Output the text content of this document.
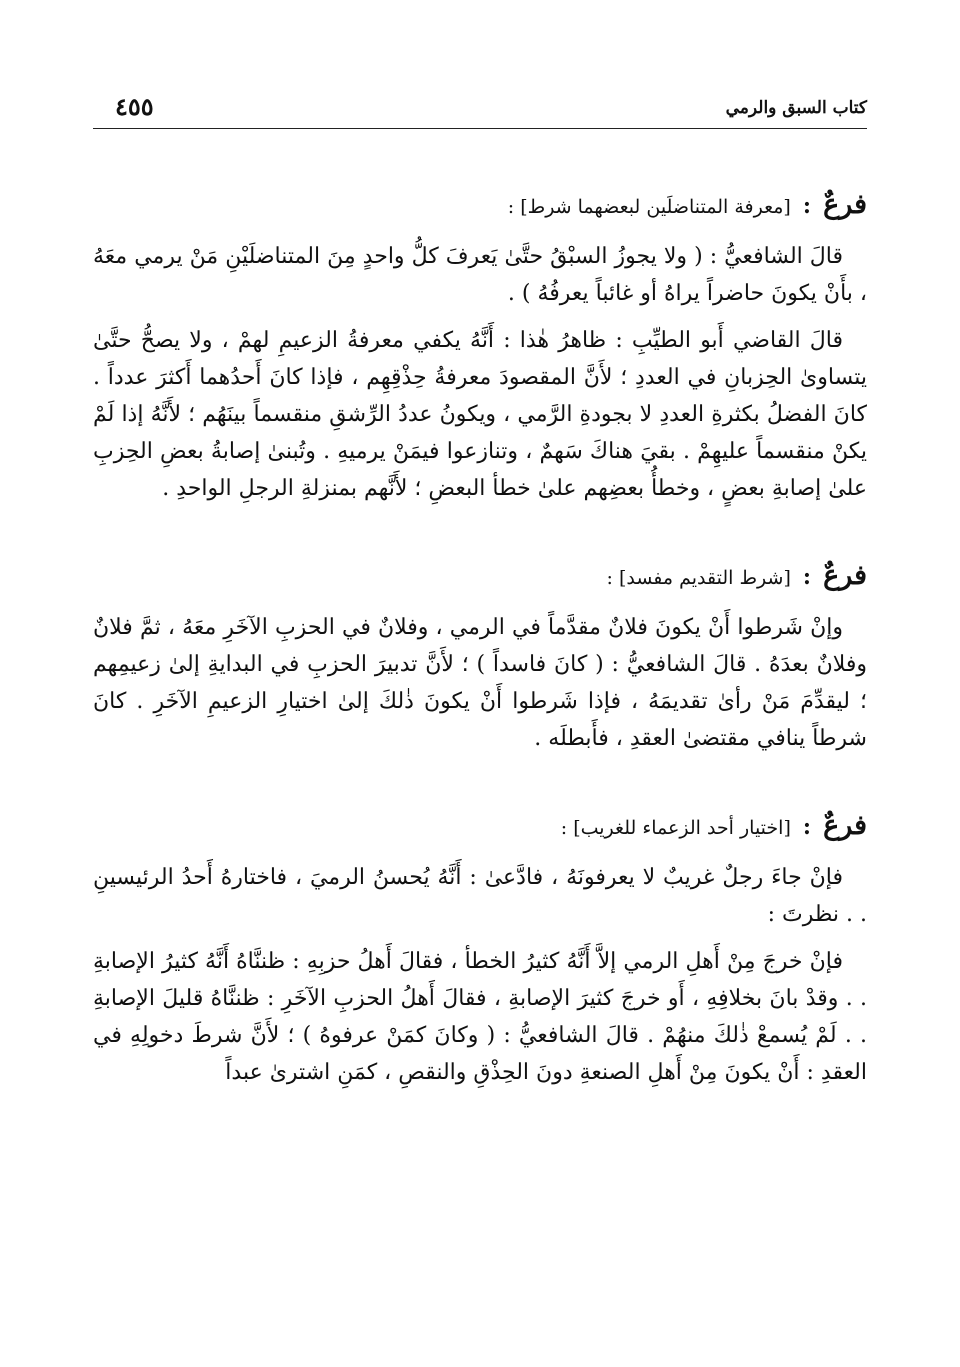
كتاب السبق والرمي
٤٥٥
فرعٌ : [معرفة المتناضلَين لبعضهما شرط] :

قالَ الشافعيُّ : ( ولا يجوزُ السبْقُ حتَّىٰ يَعرفَ كلُّ واحدٍ مِنَ المتناضلَيْنِ مَنْ يرمي معَهُ ، بأَنْ يكونَ حاضراً يراهُ أو غائباً يعرفُهُ ) .

قالَ القاضي أَبو الطيِّبِ : ظاهرُ هٰذا : أَنَّهُ يكفي معرفةُ الزعيمِ لهمْ ، ولا يصحُّ حتَّىٰ يتساوىٰ الحِزبانِ في العددِ ؛ لأَنَّ المقصودَ معرفةُ حِذْقِهِم ، فإذا كانَ أَحدُهما أَكثرَ عدداً . كانَ الفضلُ بكثرةِ العددِ لا بجودةِ الرَّمي ، ويكونُ عددُ الرِّشقِ منقسماً بينَهُم ؛ لأَنَّهُ إذا لَمْ يكنْ منقسماً عليهِمْ . بقيَ هناكَ سَهمٌ ، وتنازعوا فيمَنْ يرميهِ . وتُبنىٰ إصابةُ بعضِ الحِزبِ علىٰ إصابةِ بعضٍ ، وخطأُ بعضِهم علىٰ خطأ البعضِ ؛ لأَنَّهم بمنزلةِ الرجلِ الواحدِ .

فرعٌ : [شرط التقديم مفسد] :

وإنْ شَرطوا أَنْ يكونَ فلانٌ مقدَّماً في الرمي ، وفلانٌ في الحزبِ الآخَرِ معَهُ ، ثمَّ فلانٌ وفلانٌ بعدَهُ . قالَ الشافعيُّ : ( كانَ فاسداً ) ؛ لأَنَّ تدبيرَ الحزبِ في البدايةِ إلىٰ زعيمِهم ؛ ليقدِّمَ مَنْ رأىٰ تقديمَهُ ، فإذا شَرطوا أَنْ يكونَ ذٰلكَ إلىٰ اختيارِ الزعيمِ الآخَرِ . كانَ شرطاً ينافي مقتضىٰ العقدِ ، فأَبطلَه .

فرعٌ : [اختيار أحد الزعماء للغريب] :

فإنْ جاءَ رجلٌ غريبٌ لا يعرفونَهُ ، فادَّعىٰ : أَنَّهُ يُحسنُ الرميَ ، فاختارهُ أَحدُ الرئيسينِ . . نظرتَ :

فإنْ خرجَ مِنْ أَهلِ الرمي إلاَّ أَنَّهُ كثيرُ الخطأ ، فقالَ أَهلُ حزبِهِ : ظننَّاهُ أَنَّهُ كثيرُ الإصابةِ . . وقدْ بانَ بخلافِهِ ، أَو خرجَ كثيرَ الإصابةِ ، فقالَ أَهلُ الحزبِ الآخَرِ : ظننَّاهُ قليلَ الإصابةِ . . لَمْ يُسمعْ ذٰلكَ منهُمْ . قالَ الشافعيُّ : ( وكانَ كمَنْ عرفوهُ ) ؛ لأَنَّ شرطَ دخولِهِ في العقدِ : أَنْ يكونَ مِنْ أَهلِ الصنعةِ دونَ الحِذْقِ والنقصِ ، كمَنِ اشترىٰ عبداً
